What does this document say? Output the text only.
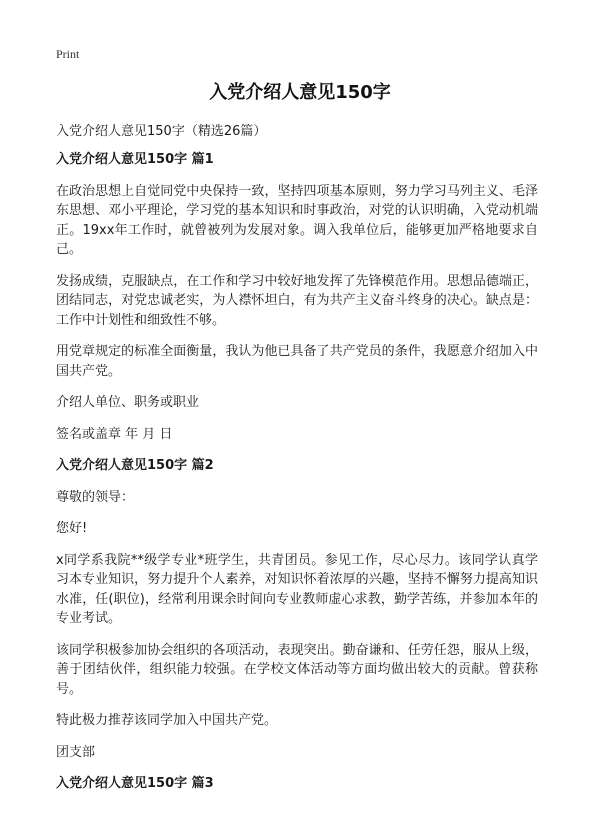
Print
入党介绍人意见150字
入党介绍人意见150字（精选26篇）
入党介绍人意见150字 篇1
在政治思想上自觉同党中央保持一致，坚持四项基本原则，努力学习马列主义、毛泽东思想、邓小平理论，学习党的基本知识和时事政治，对党的认识明确，入党动机端正。19xx年工作时，就曾被列为发展对象。调入我单位后，能够更加严格地要求自己。
发扬成绩，克服缺点，在工作和学习中较好地发挥了先锋模范作用。思想品德端正，团结同志，对党忠诚老实，为人襟怀坦白，有为共产主义奋斗终身的决心。缺点是：工作中计划性和细致性不够。
用党章规定的标准全面衡量，我认为他已具备了共产党员的条件，我愿意介绍加入中国共产党。
介绍人单位、职务或职业
签名或盖章 年 月 日
入党介绍人意见150字 篇2
尊敬的领导：
您好!
x同学系我院**级学专业*班学生，共青团员。参见工作，尽心尽力。该同学认真学习本专业知识，努力提升个人素养，对知识怀着浓厚的兴趣，坚持不懈努力提高知识水准，任(职位)，经常利用课余时间向专业教师虚心求教，勤学苦练，并参加本年的专业考试。
该同学积极参加协会组织的各项活动，表现突出。勤奋谦和、任劳任怨，服从上级，善于团结伙伴，组织能力较强。在学校文体活动等方面均做出较大的贡献。曾获称号。
特此极力推荐该同学加入中国共产党。
团支部
入党介绍人意见150字 篇3
